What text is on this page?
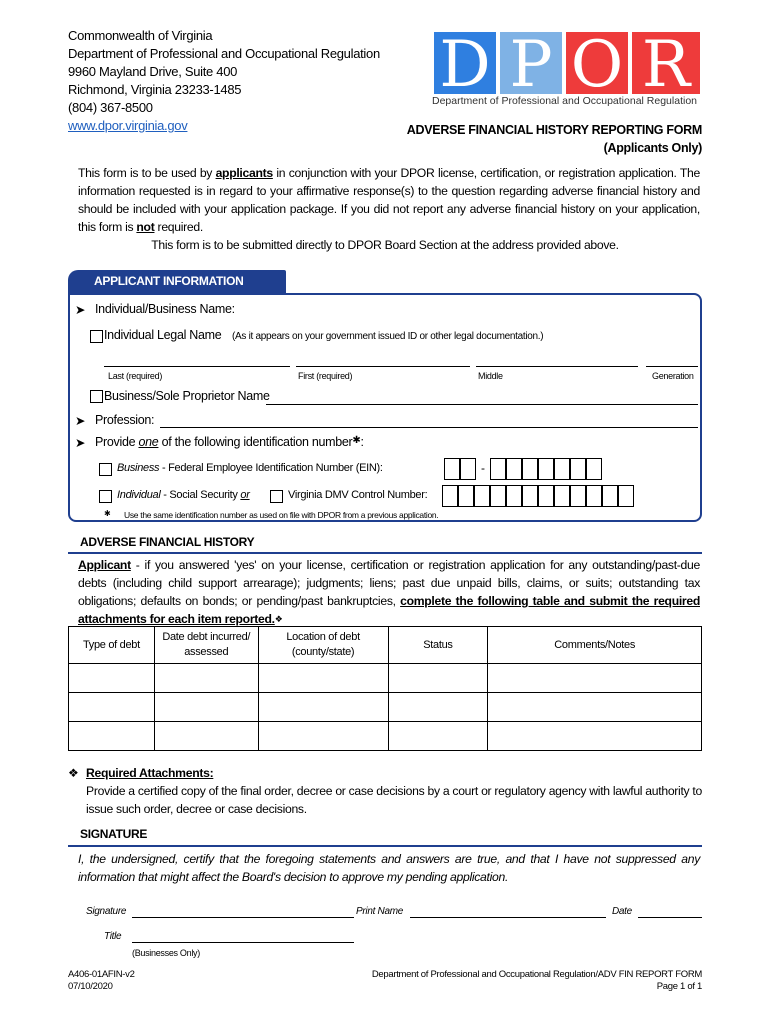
Commonwealth of Virginia
Department of Professional and Occupational Regulation
9960 Mayland Drive, Suite 400
Richmond, Virginia 23233-1485
(804) 367-8500
www.dpor.virginia.gov
D P O R
Department of Professional and Occupational Regulation
ADVERSE FINANCIAL HISTORY REPORTING FORM
(Applicants Only)
This form is to be used by applicants in conjunction with your DPOR license, certification, or registration application. The information requested is in regard to your affirmative response(s) to the question regarding adverse financial history and should be included with your application package. If you did not report any adverse financial history on your application, this form is not required.
This form is to be submitted directly to DPOR Board Section at the address provided above.
APPLICANT INFORMATION
➤ Individual/Business Name:
Individual Legal Name (As it appears on your government issued ID or other legal documentation.)
Last (required)	First (required)	Middle	Generation
Business/Sole Proprietor Name
➤ Profession:
➤ Provide one of the following identification number✱:
Business - Federal Employee Identification Number (EIN):	-
Individual - Social Security or	Virginia DMV Control Number:
✱ Use the same identification number as used on file with DPOR from a previous application.
ADVERSE FINANCIAL HISTORY
Applicant - if you answered 'yes' on your license, certification or registration application for any outstanding/past-due debts (including child support arrearage); judgments; liens; past due unpaid bills, claims, or suits; outstanding tax obligations; defaults on bonds; or pending/past bankruptcies, complete the following table and submit the required attachments for each item reported.❖
Type of debt	Date debt incurred/ assessed	Location of debt (county/state)	Status	Comments/Notes

❖ Required Attachments:
Provide a certified copy of the final order, decree or case decisions by a court or regulatory agency with lawful authority to issue such order, decree or case decisions.
SIGNATURE
I, the undersigned, certify that the foregoing statements and answers are true, and that I have not suppressed any information that might affect the Board's decision to approve my pending application.
Signature	Print Name	Date
Title
(Businesses Only)
A406-01AFIN-v2
07/10/2020
Department of Professional and Occupational Regulation/ADV FIN REPORT FORM
Page 1 of 1
